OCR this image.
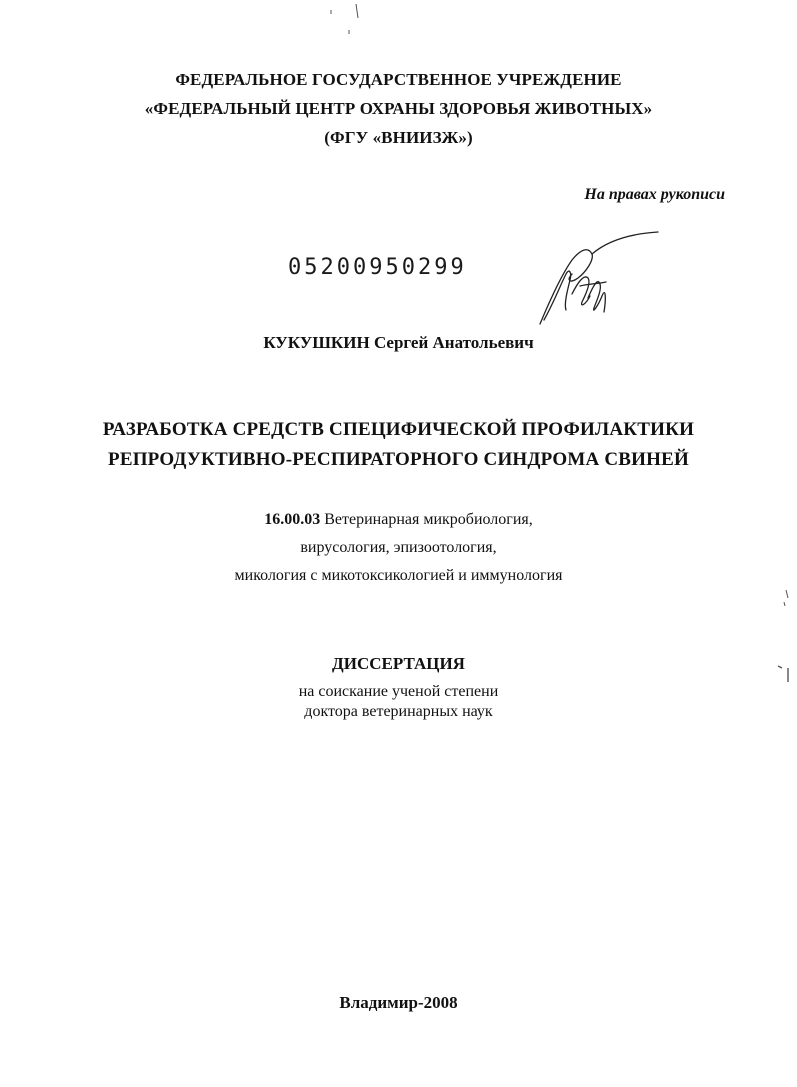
ФЕДЕРАЛЬНОЕ ГОСУДАРСТВЕННОЕ УЧРЕЖДЕНИЕ
«ФЕДЕРАЛЬНЫЙ ЦЕНТР ОХРАНЫ ЗДОРОВЬЯ ЖИВОТНЫХ»
(ФГУ «ВНИИЗЖ»)
На правах рукописи
05200950299
КУКУШКИН Сергей Анатольевич
РАЗРАБОТКА СРЕДСТВ СПЕЦИФИЧЕСКОЙ ПРОФИЛАКТИКИ
РЕПРОДУКТИВНО-РЕСПИРАТОРНОГО СИНДРОМА СВИНЕЙ
16.00.03 Ветеринарная микробиология,
вирусология, эпизоотология,
микология с микотоксикологией и иммунология
ДИССЕРТАЦИЯ
на соискание ученой степени
доктора ветеринарных наук
Владимир-2008
